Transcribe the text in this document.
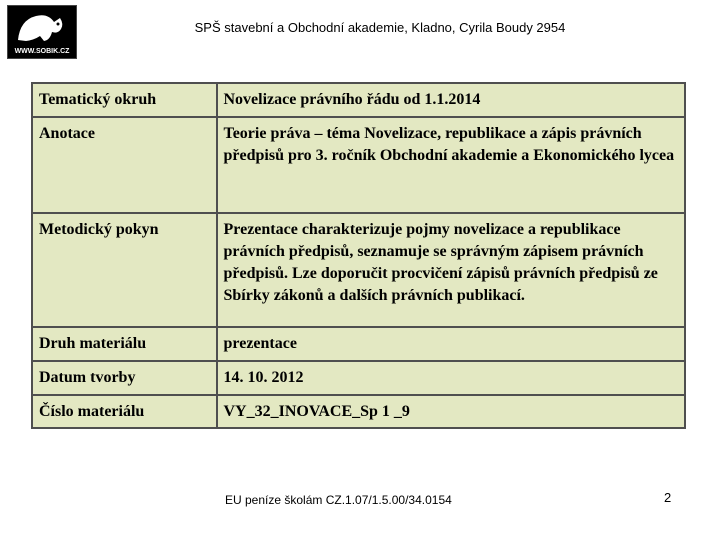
WWW.SOBIK.CZ
SPŠ stavební a Obchodní akademie, Kladno, Cyrila Boudy 2954
Tematický okruh	Novelizace právního řádu od 1.1.2014
Anotace	Teorie práva – téma Novelizace, republikace a zápis právních předpisů pro 3. ročník Obchodní akademie a Ekonomického lycea
Metodický pokyn	Prezentace charakterizuje pojmy novelizace a republikace právních předpisů, seznamuje se správným zápisem právních předpisů. Lze doporučit procvičení zápisů právních předpisů ze Sbírky zákonů a dalších právních publikací.
Druh materiálu	prezentace
Datum tvorby	14. 10. 2012
Číslo materiálu	VY_32_INOVACE_Sp 1 _9
EU peníze školám CZ.1.07/1.5.00/34.0154	2
